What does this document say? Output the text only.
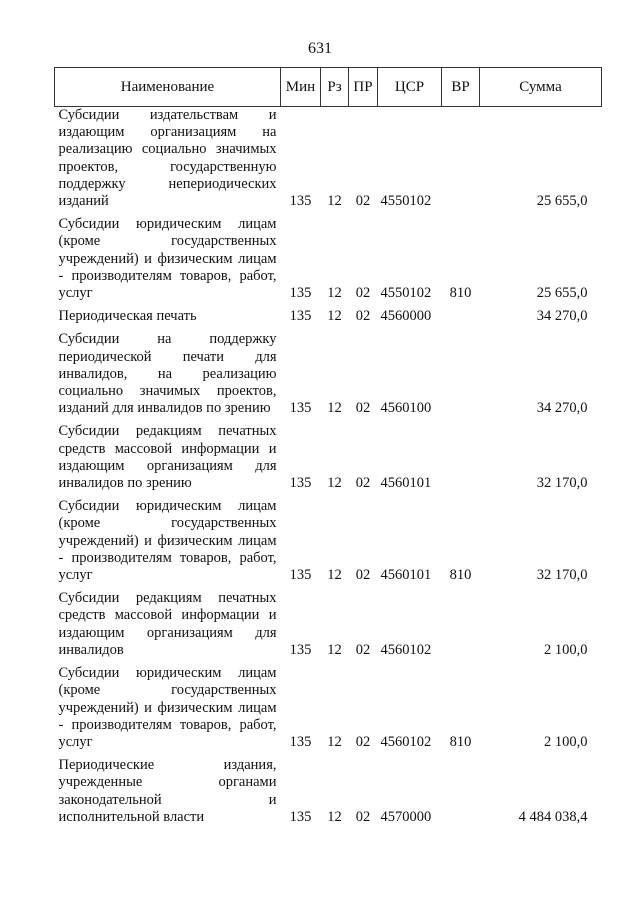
631
Наименование	Мин	Рз	ПР	ЦСР	ВР	Сумма
Субсидии издательствам и издающим организациям на реализацию социально значимых проектов, государственную поддержку непериодических изданий	135	12	02	4550102		25 655,0
Субсидии юридическим лицам (кроме государственных учреждений) и физическим лицам - производителям товаров, работ, услуг	135	12	02	4550102	810	25 655,0
Периодическая печать	135	12	02	4560000		34 270,0
Субсидии на поддержку периодической печати для инвалидов, на реализацию социально значимых проектов, изданий для инвалидов по зрению	135	12	02	4560100		34 270,0
Субсидии редакциям печатных средств массовой информации и издающим организациям для инвалидов по зрению	135	12	02	4560101		32 170,0
Субсидии юридическим лицам (кроме государственных учреждений) и физическим лицам - производителям товаров, работ, услуг	135	12	02	4560101	810	32 170,0
Субсидии редакциям печатных средств массовой информации и издающим организациям для инвалидов	135	12	02	4560102		2 100,0
Субсидии юридическим лицам (кроме государственных учреждений) и физическим лицам - производителям товаров, работ, услуг	135	12	02	4560102	810	2 100,0
Периодические издания, учрежденные органами законодательной и исполнительной власти	135	12	02	4570000		4 484 038,4
